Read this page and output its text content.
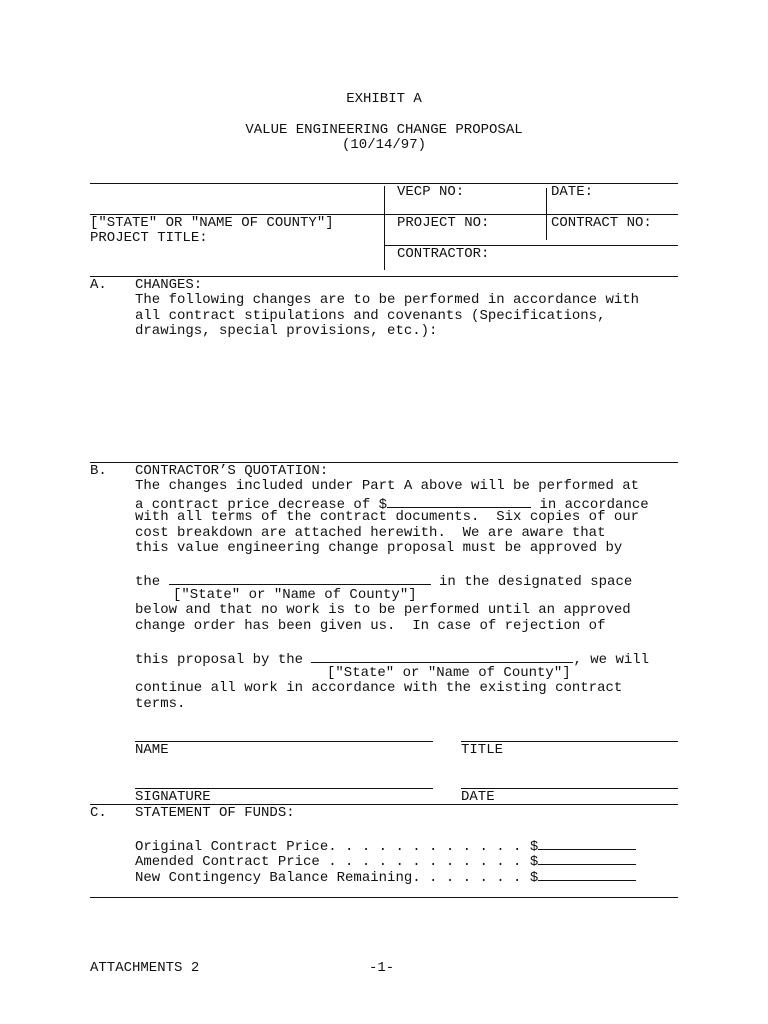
EXHIBIT A
VALUE ENGINEERING CHANGE PROPOSAL
(10/14/97)
VECP NO:	DATE:
["STATE" OR "NAME OF COUNTY"]
PROJECT TITLE:
PROJECT NO:	CONTRACT NO:
CONTRACTOR:
A. CHANGES:
The following changes are to be performed in accordance with
all contract stipulations and covenants (Specifications,
drawings, special provisions, etc.):
B. CONTRACTOR’S QUOTATION:
The changes included under Part A above will be performed at
a contract price decrease of $	in accordance
with all terms of the contract documents.  Six copies of our
cost breakdown are attached herewith.  We are aware that
this value engineering change proposal must be approved by
the	in the designated space
["State" or "Name of County"]
below and that no work is to be performed until an approved
change order has been given us.  In case of rejection of
this proposal by the	, we will
["State" or "Name of County"]
continue all work in accordance with the existing contract
terms.
NAME	TITLE
SIGNATURE	DATE
C. STATEMENT OF FUNDS:
Original Contract Price. . . . . . . . . . . . $
Amended Contract Price . . . . . . . . . . . . $
New Contingency Balance Remaining. . . . . . . $
ATTACHMENTS 2	-1-
